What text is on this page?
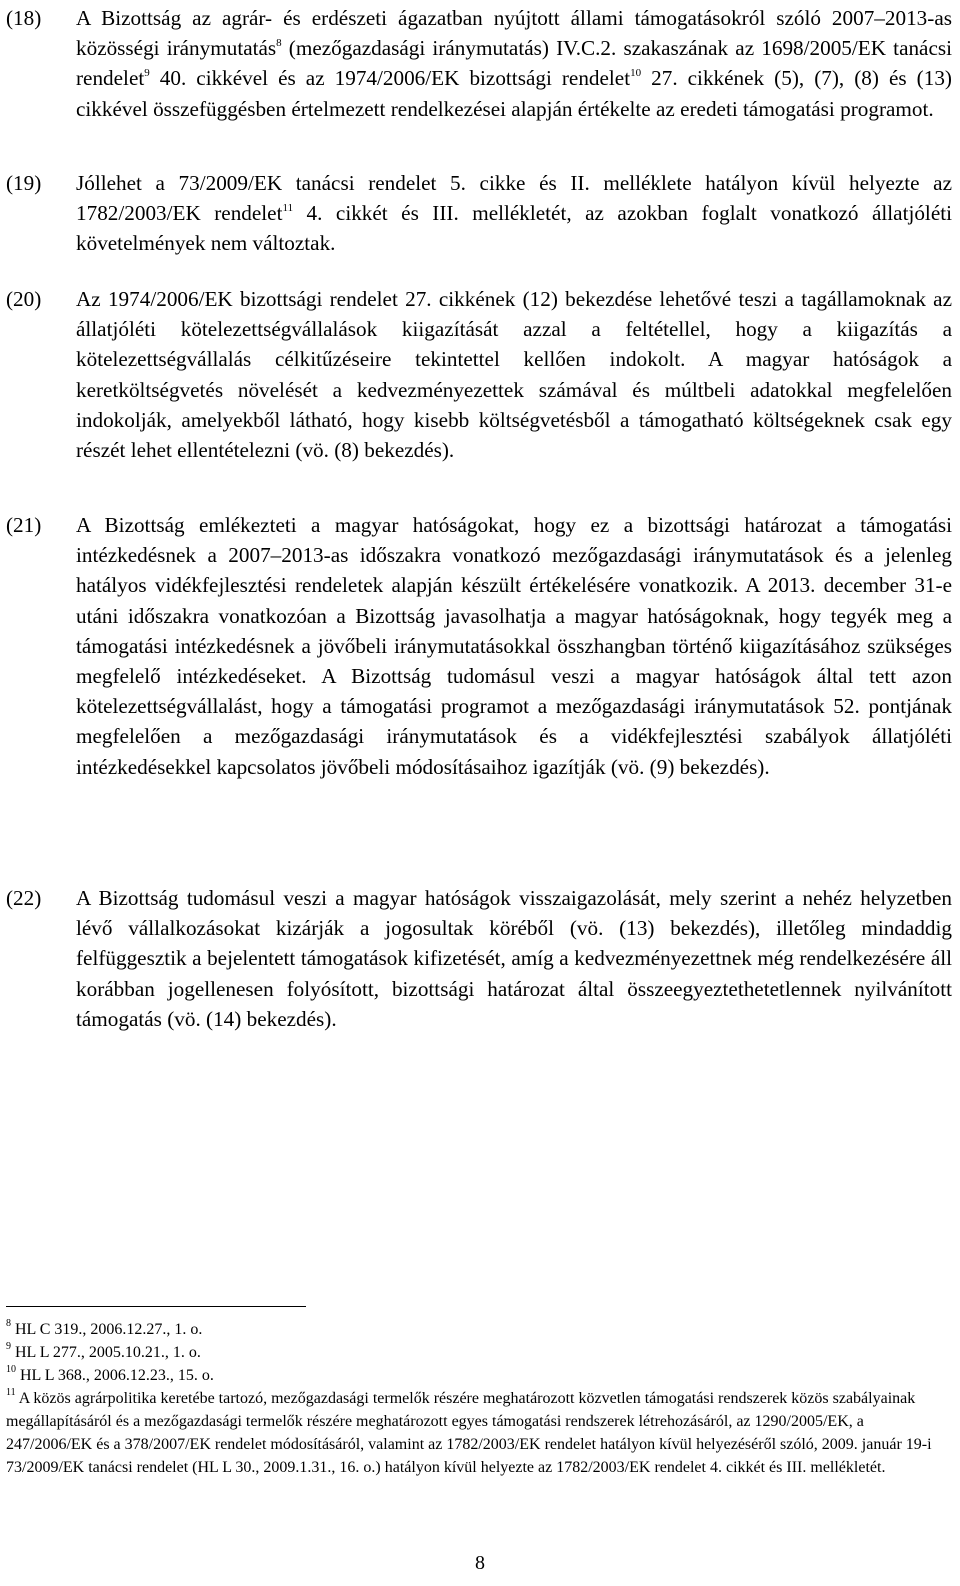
(18) A Bizottság az agrár- és erdészeti ágazatban nyújtott állami támogatásokról szóló 2007–2013-as közösségi iránymutatás$^8$ (mezőgazdasági iránymutatás) IV.C.2. szakaszának az 1698/2005/EK tanácsi rendelet$^9$ 40. cikkével és az 1974/2006/EK bizottsági rendelet$^{10}$ 27. cikkének (5), (7), (8) és (13) cikkével összefüggésben értelmezett rendelkezései alapján értékelte az eredeti támogatási programot.
(19) Jóllehet a 73/2009/EK tanácsi rendelet 5. cikke és II. melléklete hatályon kívül helyezte az 1782/2003/EK rendelet$^{11}$ 4. cikkét és III. mellékletét, az azokban foglalt vonatkozó állatjóléti követelmények nem változtak.
(20) Az 1974/2006/EK bizottsági rendelet 27. cikkének (12) bekezdése lehetővé teszi a tagállamoknak az állatjóléti kötelezettségvállalások kiigazítását azzal a feltétellel, hogy a kiigazítás a kötelezettségvállalás célkitűzéseire tekintettel kellően indokolt. A magyar hatóságok a keretköltségvetés növelését a kedvezményezettek számával és múltbeli adatokkal megfelelően indokolják, amelyekből látható, hogy kisebb költségvetésből a támogatható költségeknek csak egy részét lehet ellentételezni (vö. (8) bekezdés).
(21) A Bizottság emlékezteti a magyar hatóságokat, hogy ez a bizottsági határozat a támogatási intézkedésnek a 2007–2013-as időszakra vonatkozó mezőgazdasági iránymutatások és a jelenleg hatályos vidékfejlesztési rendeletek alapján készült értékelésére vonatkozik. A 2013. december 31-e utáni időszakra vonatkozóan a Bizottság javasolhatja a magyar hatóságoknak, hogy tegyék meg a támogatási intézkedésnek a jövőbeli iránymutatásokkal összhangban történő kiigazításához szükséges megfelelő intézkedéseket. A Bizottság tudomásul veszi a magyar hatóságok által tett azon kötelezettségvállalást, hogy a támogatási programot a mezőgazdasági iránymutatások 52. pontjának megfelelően a mezőgazdasági iránymutatások és a vidékfejlesztési szabályok állatjóléti intézkedésekkel kapcsolatos jövőbeli módosításaihoz igazítják (vö. (9) bekezdés).
(22) A Bizottság tudomásul veszi a magyar hatóságok visszaigazolását, mely szerint a nehéz helyzetben lévő vállalkozásokat kizárják a jogosultak köréből (vö. (13) bekezdés), illetőleg mindaddig felfüggesztik a bejelentett támogatások kifizetését, amíg a kedvezményezettnek még rendelkezésére áll korábban jogellenesen folyósított, bizottsági határozat által összeegyeztethetetlennek nyilvánított támogatás (vö. (14) bekezdés).

$^8$ HL C 319., 2006.12.27., 1. o.

$^9$ HL L 277., 2005.10.21., 1. o.

$^{10}$ HL L 368., 2006.12.23., 15. o.

$^{11}$ A közös agrárpolitika keretébe tartozó, mezőgazdasági termelők részére meghatározott közvetlen támogatási rendszerek közös szabályainak megállapításáról és a mezőgazdasági termelők részére meghatározott egyes támogatási rendszerek létrehozásáról, az 1290/2005/EK, a 247/2006/EK és a 378/2007/EK rendelet módosításáról, valamint az 1782/2003/EK rendelet hatályon kívül helyezéséről szóló, 2009. január 19-i 73/2009/EK tanácsi rendelet (HL L 30., 2009.1.31., 16. o.) hatályon kívül helyezte az 1782/2003/EK rendelet 4. cikkét és III. mellékletét.

8
